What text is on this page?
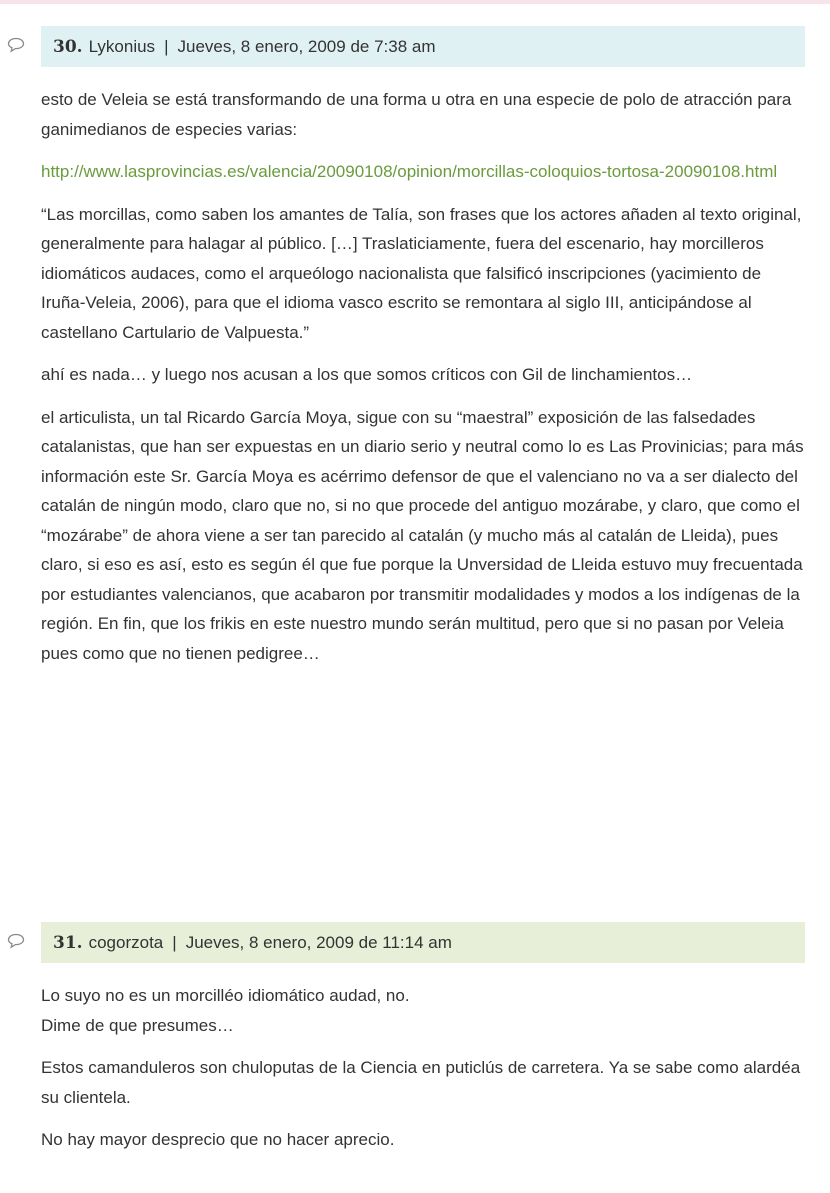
30 . Lykonius | Jueves, 8 enero, 2009 de 7:38 am

esto de Veleia se está transformando de una forma u otra en una especie de polo de atracción para ganimedianos de especies varias:

http://www.lasprovincias.es/valencia/20090108/opinion/morcillas-coloquios-tortosa-20090108.html

“Las morcillas, como saben los amantes de Talía, son frases que los actores añaden al texto original, generalmente para halagar al público. […] Traslaticiamente, fuera del escenario, hay morcilleros idiomáticos audaces, como el arqueólogo nacionalista que falsificó inscripciones (yacimiento de Iruña-Veleia, 2006), para que el idioma vasco escrito se remontara al siglo III, anticipándose al castellano Cartulario de Valpuesta.”

ahí es nada… y luego nos acusan a los que somos críticos con Gil de linchamientos…

el articulista, un tal Ricardo García Moya, sigue con su “maestral” exposición de las falsedades catalanistas, que han ser expuestas en un diario serio y neutral como lo es Las Provinicias; para más información este Sr. García Moya es acérrimo defensor de que el valenciano no va a ser dialecto del catalán de ningún modo, claro que no, si no que procede del antiguo mozárabe, y claro, que como el “mozárabe” de ahora viene a ser tan parecido al catalán (y mucho más al catalán de Lleida), pues claro, si eso es así, esto es según él que fue porque la Unversidad de Lleida estuvo muy frecuentada por estudiantes valencianos, que acabaron por transmitir modalidades y modos a los indígenas de la región. En fin, que los frikis en este nuestro mundo serán multitud, pero que si no pasan por Veleia pues como que no tienen pedigree…

31 . cogorzota | Jueves, 8 enero, 2009 de 11:14 am

Lo suyo no es un morcilléo idiomático audad, no.

Dime de que presumes…

Estos camanduleros son chuloputas de la Ciencia en puticlús de carretera. Ya se sabe como alardéa su clientela.

No hay mayor desprecio que no hacer aprecio.
